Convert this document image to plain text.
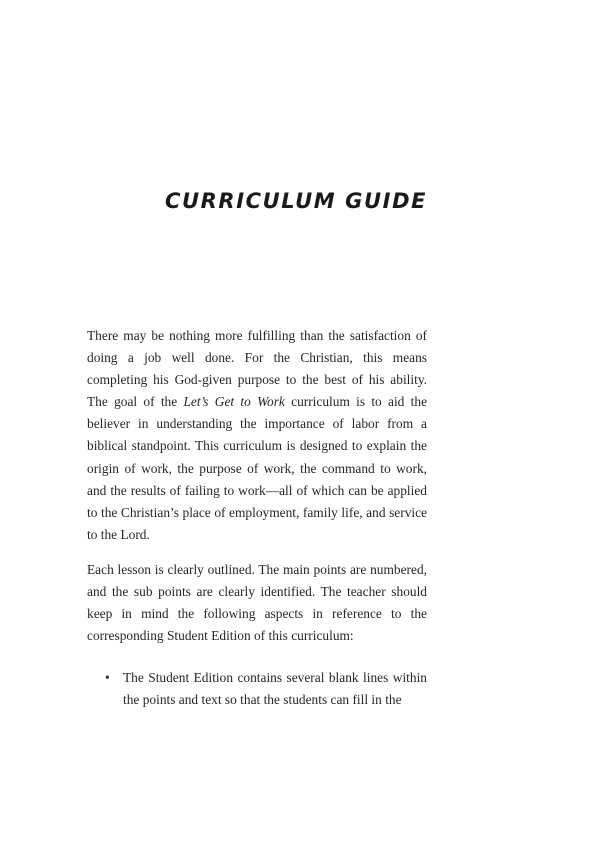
CURRICULUM GUIDE

There may be nothing more fulfilling than the satisfaction of doing a job well done. For the Christian, this means completing his God-given purpose to the best of his ability. The goal of the Let’s Get to Work curriculum is to aid the believer in understanding the importance of labor from a biblical standpoint. This curriculum is designed to explain the origin of work, the purpose of work, the command to work, and the results of failing to work—all of which can be applied to the Christian’s place of employment, family life, and service to the Lord.

Each lesson is clearly outlined. The main points are numbered, and the sub points are clearly identified. The teacher should keep in mind the following aspects in reference to the corresponding Student Edition of this curriculum:

• The Student Edition contains several blank lines within the points and text so that the students can fill in the
